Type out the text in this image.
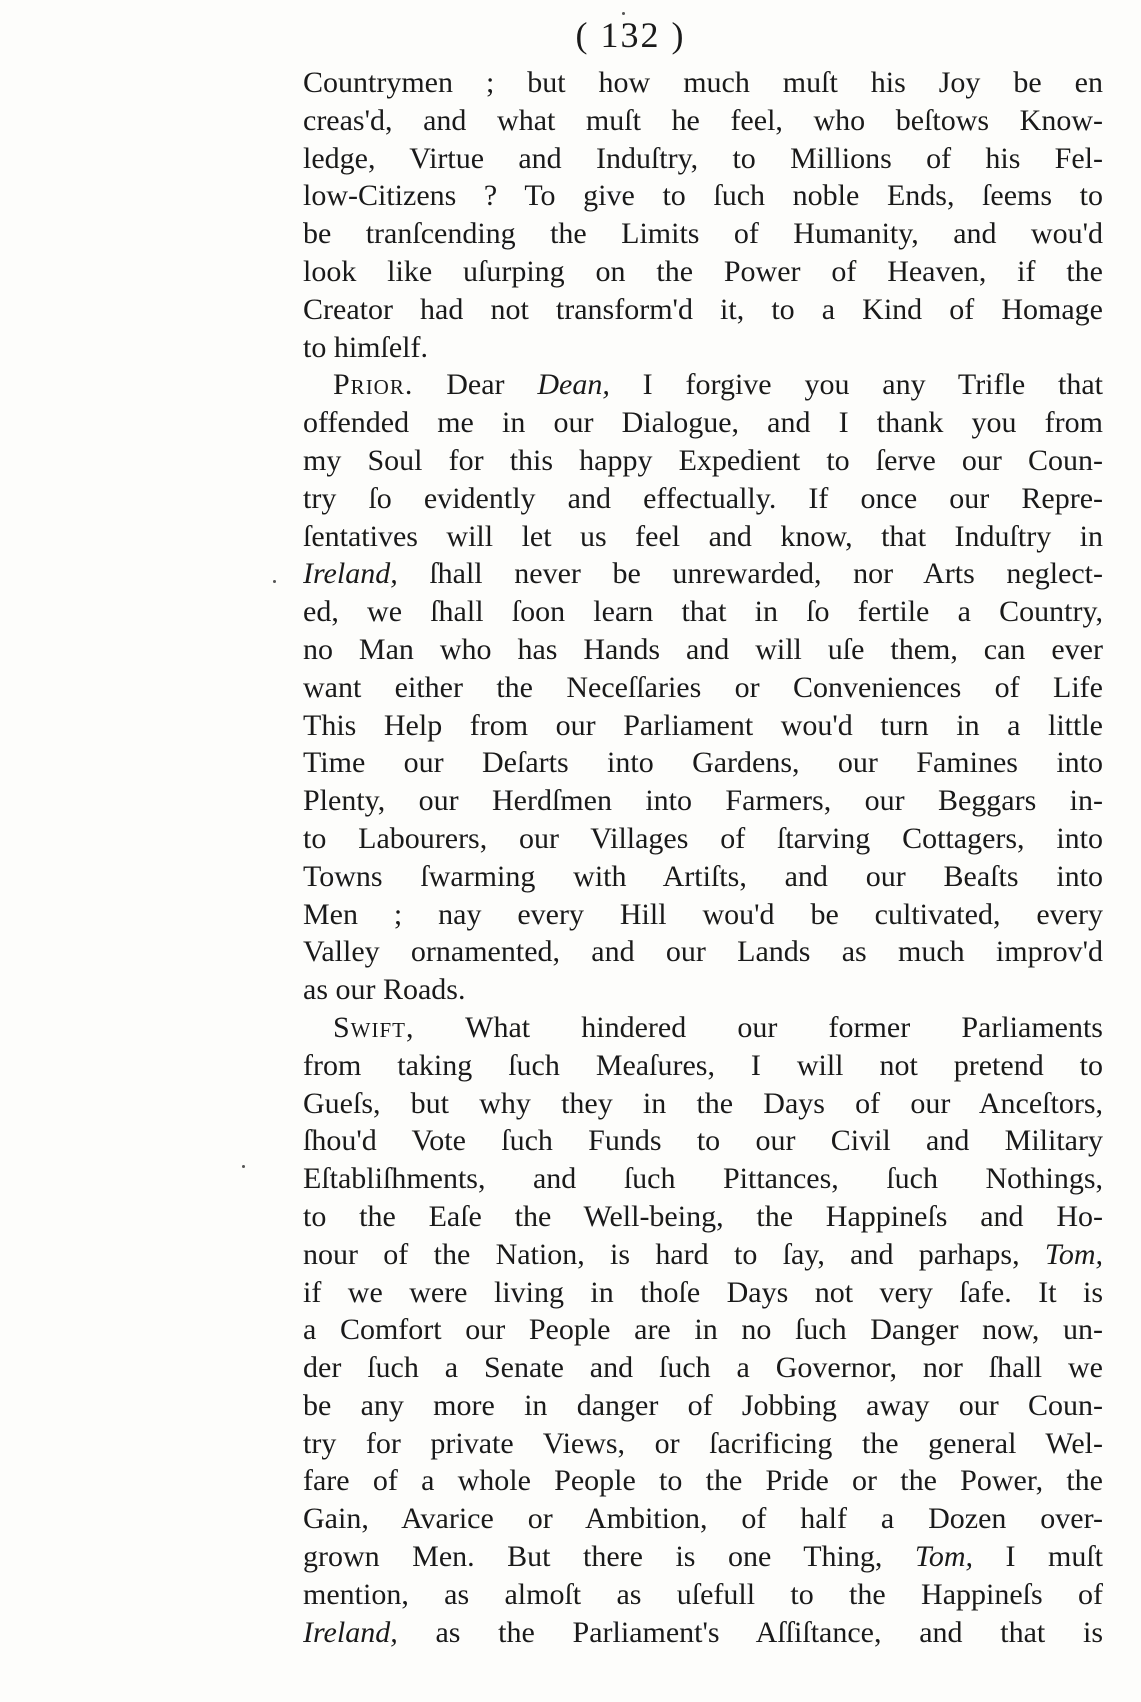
( 132 )
Countrymen ; but how much muſt his Joy be en
creas'd, and what muſt he feel, who beſtows Know-
ledge, Virtue and Induſtry, to Millions of his Fel-
low-Citizens ? To give to ſuch noble Ends, ſeems to
be tranſcending the Limits of Humanity, and wou'd
look like uſurping on the Power of Heaven, if the
Creator had not transform'd it, to a Kind of Homage
to himſelf.
Prior. Dear Dean, I forgive you any Trifle that
offended me in our Dialogue, and I thank you from
my Soul for this happy Expedient to ſerve our Coun-
try ſo evidently and effectually. If once our Repre-
ſentatives will let us feel and know, that Induſtry in
Ireland, ſhall never be unrewarded, nor Arts neglect-
ed, we ſhall ſoon learn that in ſo fertile a Country,
no Man who has Hands and will uſe them, can ever
want either the Neceſſaries or Conveniences of Life
This Help from our Parliament wou'd turn in a little
Time our Deſarts into Gardens, our Famines into
Plenty, our Herdſmen into Farmers, our Beggars in-
to Labourers, our Villages of ſtarving Cottagers, into
Towns ſwarming with Artiſts, and our Beaſts into
Men ; nay every Hill wou'd be cultivated, every
Valley ornamented, and our Lands as much improv'd
as our Roads.
Swift, What hindered our former Parliaments
from taking ſuch Meaſures, I will not pretend to
Gueſs, but why they in the Days of our Anceſtors,
ſhou'd Vote ſuch Funds to our Civil and Military
Eſtabliſhments, and ſuch Pittances, ſuch Nothings,
to the Eaſe the Well-being, the Happineſs and Ho-
nour of the Nation, is hard to ſay, and parhaps, Tom,
if we were living in thoſe Days not very ſafe. It is
a Comfort our People are in no ſuch Danger now, un-
der ſuch a Senate and ſuch a Governor, nor ſhall we
be any more in danger of Jobbing away our Coun-
try for private Views, or ſacrificing the general Wel-
fare of a whole People to the Pride or the Power, the
Gain, Avarice or Ambition, of half a Dozen over-
grown Men. But there is one Thing, Tom, I muſt
mention, as almoſt as uſefull to the Happineſs of
Ireland, as the Parliament's Aſſiſtance, and that is
